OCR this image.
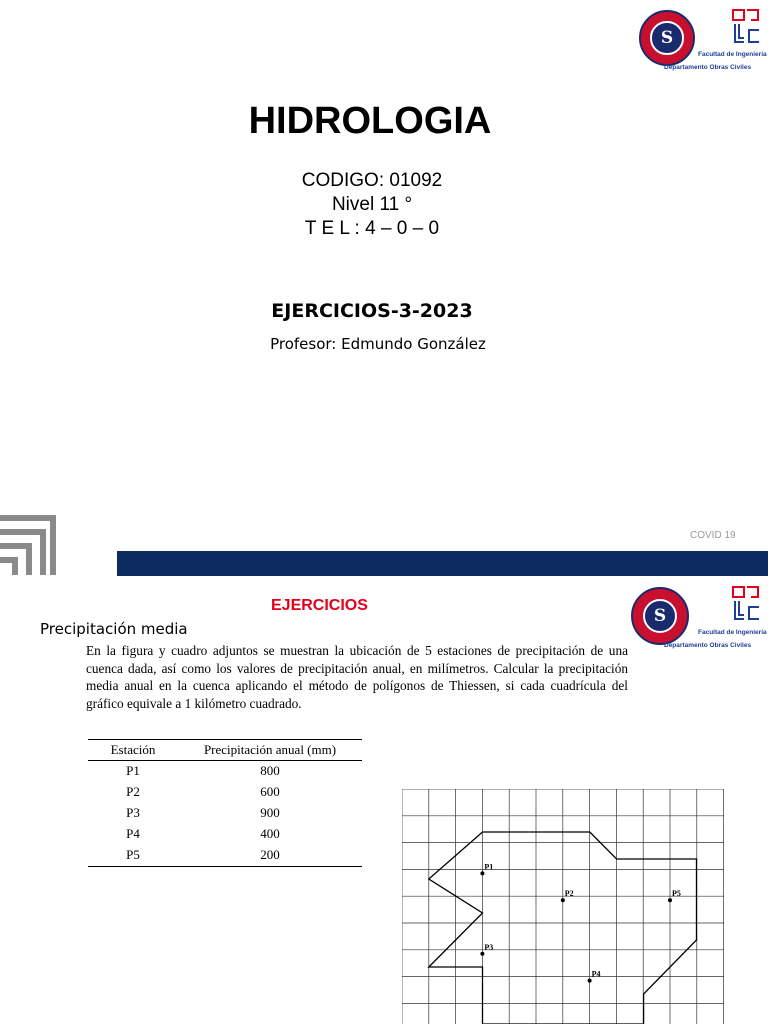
S
Facultad de Ingeniería
Departamento Obras Civiles
HIDROLOGIA
CODIGO: 01092
Nivel 11 °
T E L : 4 – 0 – 0
EJERCICIOS-3-2023
Profesor: Edmundo González
COVID 19
S
Facultad de Ingeniería
Departamento Obras Civiles
EJERCICIOS
Precipitación media
En la figura y cuadro adjuntos se muestran la ubicación de 5 estaciones de precipitación de una cuenca dada, así como los valores de precipitación anual, en milímetros. Calcular la precipitación media anual en la cuenca aplicando el método de polígonos de Thiessen, si cada cuadrícula del gráfico equivale a 1 kilómetro cuadrado.
Estación	Precipitación anual (mm)
P1	800
P2	600
P3	900
P4	400
P5	200
P1
P2
P3
P4
P5
